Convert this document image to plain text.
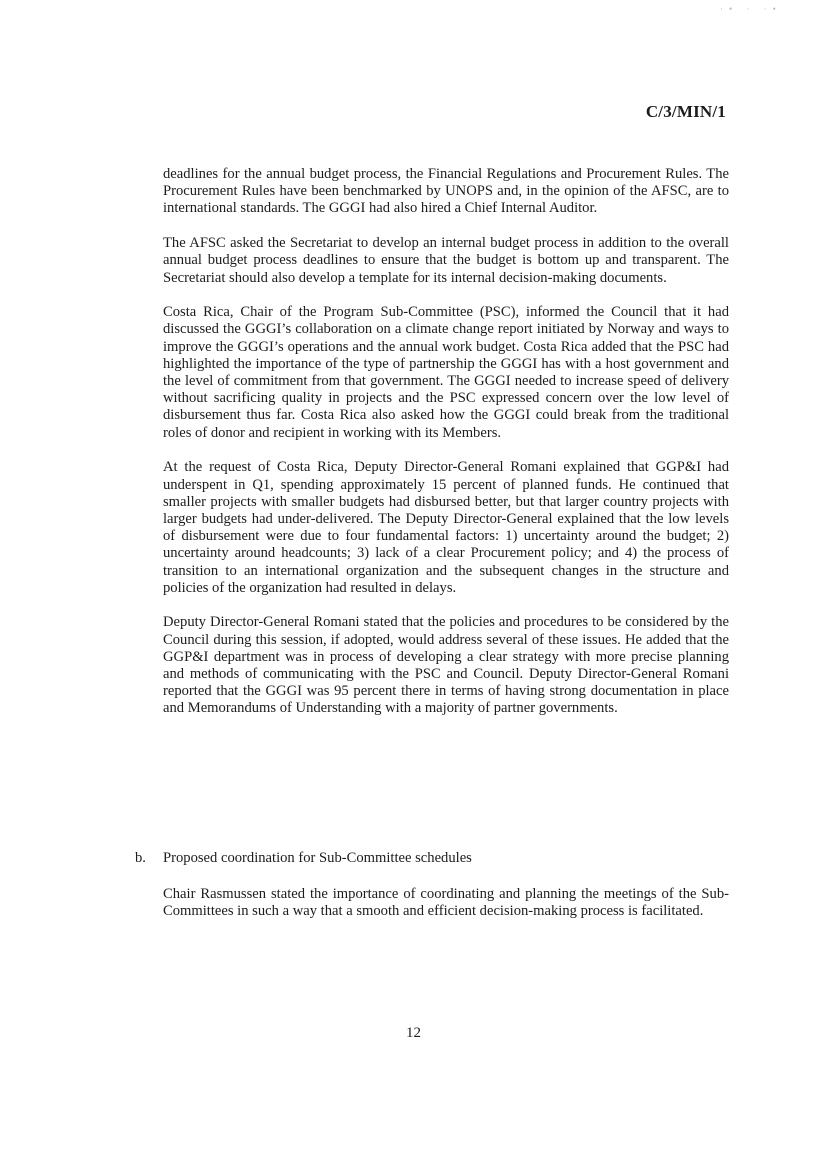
·• · ·•
C/3/MIN/1

deadlines for the annual budget process, the Financial Regulations and Procurement Rules. The Procurement Rules have been benchmarked by UNOPS and, in the opinion of the AFSC, are to international standards. The GGGI had also hired a Chief Internal Auditor.

The AFSC asked the Secretariat to develop an internal budget process in addition to the overall annual budget process deadlines to ensure that the budget is bottom up and transparent. The Secretariat should also develop a template for its internal decision-making documents.

Costa Rica, Chair of the Program Sub-Committee (PSC), informed the Council that it had discussed the GGGI’s collaboration on a climate change report initiated by Norway and ways to improve the GGGI’s operations and the annual work budget. Costa Rica added that the PSC had highlighted the importance of the type of partnership the GGGI has with a host government and the level of commitment from that government. The GGGI needed to increase speed of delivery without sacrificing quality in projects and the PSC expressed concern over the low level of disbursement thus far. Costa Rica also asked how the GGGI could break from the traditional roles of donor and recipient in working with its Members.

At the request of Costa Rica, Deputy Director-General Romani explained that GGP&I had underspent in Q1, spending approximately 15 percent of planned funds. He continued that smaller projects with smaller budgets had disbursed better, but that larger country projects with larger budgets had under-delivered. The Deputy Director-General explained that the low levels of disbursement were due to four fundamental factors: 1) uncertainty around the budget; 2) uncertainty around headcounts; 3) lack of a clear Procurement policy; and 4) the process of transition to an international organization and the subsequent changes in the structure and policies of the organization had resulted in delays.

Deputy Director-General Romani stated that the policies and procedures to be considered by the Council during this session, if adopted, would address several of these issues. He added that the GGP&I department was in process of developing a clear strategy with more precise planning and methods of communicating with the PSC and Council. Deputy Director-General Romani reported that the GGGI was 95 percent there in terms of having strong documentation in place and Memorandums of Understanding with a majority of partner governments.

b. Proposed coordination for Sub-Committee schedules

Chair Rasmussen stated the importance of coordinating and planning the meetings of the Sub-Committees in such a way that a smooth and efficient decision-making process is facilitated.

12
